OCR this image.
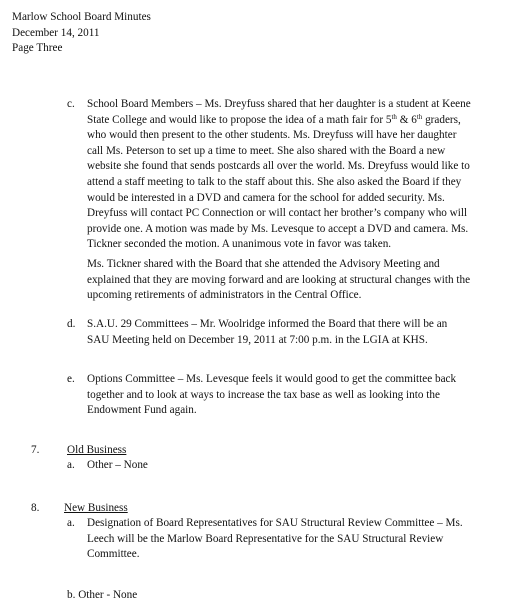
Marlow School Board Minutes
December 14, 2011
Page Three
c. School Board Members – Ms. Dreyfuss shared that her daughter is a student at Keene
State College and would like to propose the idea of a math fair for 5th & 6th graders,
who would then present to the other students. Ms. Dreyfuss will have her daughter
call Ms. Peterson to set up a time to meet. She also shared with the Board a new
website she found that sends postcards all over the world. Ms. Dreyfuss would like to
attend a staff meeting to talk to the staff about this. She also asked the Board if they
would be interested in a DVD and camera for the school for added security. Ms.
Dreyfuss will contact PC Connection or will contact her brother’s company who will
provide one. A motion was made by Ms. Levesque to accept a DVD and camera. Ms.
Tickner seconded the motion. A unanimous vote in favor was taken.
Ms. Tickner shared with the Board that she attended the Advisory Meeting and
explained that they are moving forward and are looking at structural changes with the
upcoming retirements of administrators in the Central Office.
d. S.A.U. 29 Committees – Mr. Woolridge informed the Board that there will be an
SAU Meeting held on December 19, 2011 at 7:00 p.m. in the LGIA at KHS.
e. Options Committee – Ms. Levesque feels it would good to get the committee back
together and to look at ways to increase the tax base as well as looking into the
Endowment Fund again.
7. Old Business
a. Other – None
8. New Business
a. Designation of Board Representatives for SAU Structural Review Committee – Ms.
Leech will be the Marlow Board Representative for the SAU Structural Review
Committee.
b. Other - None
